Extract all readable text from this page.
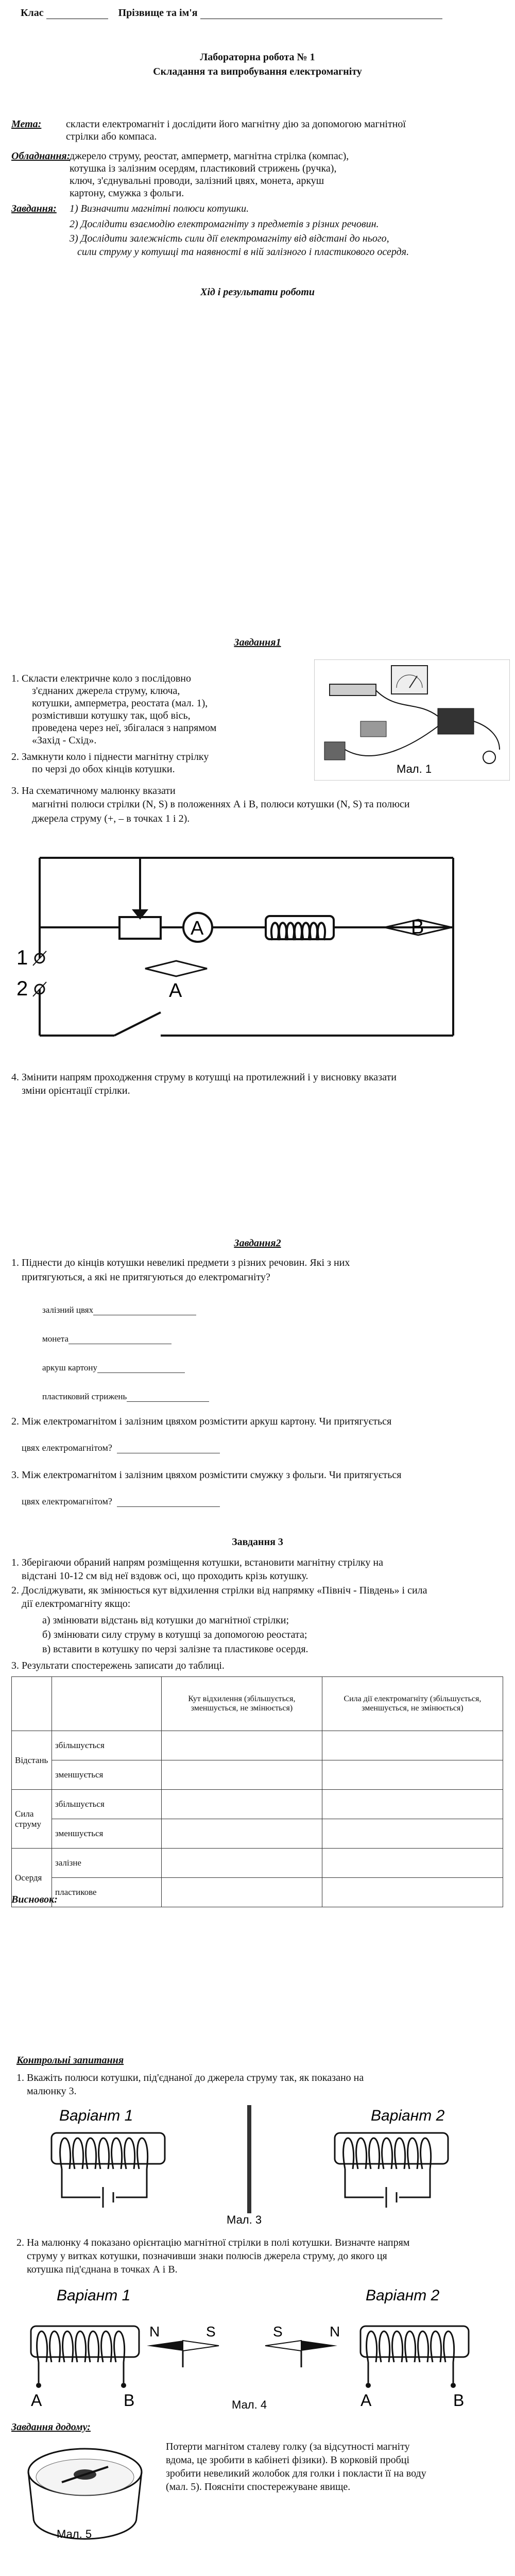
Клас	Прізвище та ім'я
Лабораторна робота № 1
Складання та випробування електромагніту
Мета: скласти електромагніт і дослідити його магнітну дію за допомогою магнітної
стрілки або компаса.
Обладнання:
джерело струму, реостат, амперметр, магнітна стрілка (компас),
котушка із залізним осердям, пластиковий стрижень (ручка),
ключ, з'єднувальні проводи, залізний цвях, монета, аркуш
картону, смужка з фольги.
Завдання: 1) Визначити магнітні полюси котушки.
2) Дослідити взаємодію електромагніту з предметів з різних речовин.
3) Дослідити залежність сили дії електромагніту від відстані до нього,
сили струму у котушці та наявності в ній залізного і пластикового осердя.
Хід і результати роботи
Завдання1
1. Скласти електричне коло з послідовно
з'єднаних джерела струму, ключа,
котушки, амперметра, реостата (мал. 1),
розмістивши котушку так, щоб вісь,
проведена через неї, збігалася з напрямом
«Захід - Схід».
2. Замкнути коло і піднести магнітну стрілку
по черзі до обох кінців котушки.
3. На схематичному малюнку вказати
магнітні полюси стрілки (N, S) в положеннях А і В, полюси котушки (N, S) та полюси
джерела струму (+, – в точках 1 і 2).
Мал. 1
1
2
A
A
B
4. Змінити напрям проходження струму в котушці на протилежний і у висновку вказати
зміни орієнтації стрілки.
Завдання2
1. Піднести до кінців котушки невеликі предмети з різних речовин. Які з них
притягуються, а які не притягуються до електромагніту?
залізний цвях
монета
аркуш картону
пластиковий стрижень
2. Між електромагнітом і залізним цвяхом розмістити аркуш картону. Чи притягується
цвях електромагнітом?
3. Між електромагнітом і залізним цвяхом розмістити смужку з фольги. Чи притягується
цвях електромагнітом?
Завдання 3
1. Зберігаючи обраний напрям розміщення котушки, встановити магнітну стрілку на
відстані 10-12 см від неї вздовж осі, що проходить крізь котушку.
2. Досліджувати, як змінюється кут відхилення стрілки від напрямку «Північ - Південь» і сила
дії електромагніту якщо:
а) змінювати відстань від котушки до магнітної стрілки;
б) змінювати силу струму в котушці за допомогою реостата;
в) вставити в котушку по черзі залізне та пластикове осердя.
3. Результати спостережень записати до таблиці.
		Кут відхилення (збільшується, зменшується, не змінюється)	Сила дії електромагніту (збільшується, зменшується, не змінюється)
Відстань	збільшується		
	зменшується		
Сила струму	збільшується		
	зменшується		
Осердя	залізне		
	пластикове		
Висновок:
Контрольні запитання
1. Вкажіть полюси котушки, під'єднаної до джерела струму так, як показано на
малюнку 3.
Варіант 1	Варіант 2
Мал. 3
2. На малюнку 4 показано орієнтацію магнітної стрілки в полі котушки. Визначте напрям
струму у витках котушки, позначивши знаки полюсів джерела струму, до якого ця
котушка під'єднана в точках А і В.
Варіант 1	Варіант 2
A	B
N	S	S	N
A	B
Мал. 4
Завдання додому:
Мал. 5
Потерти магнітом сталеву голку (за відсутності магніту
вдома, це зробити в кабінеті фізики). В корковій пробці
зробити невеликий жолобок для голки і покласти її на воду
(мал. 5). Поясніти спостережуване явище.
